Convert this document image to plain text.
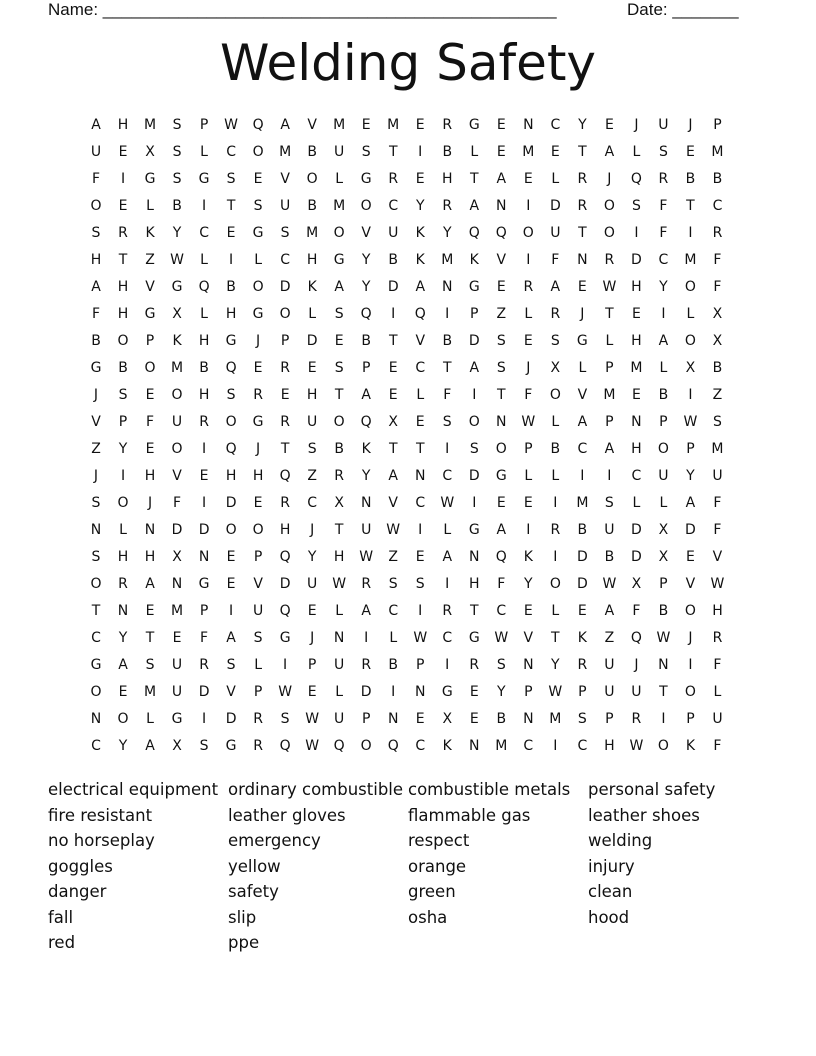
Name: ________________________________________________

	Date: _______

Welding Safety
A	H	M	S	P	W	Q	A	V	M	E	M	E	R	G	E	N	C	Y	E	J	U	J	P
U	E	X	S	L	C	O	M	B	U	S	T	I	B	L	E	M	E	T	A	L	S	E	M
F	I	G	S	G	S	E	V	O	L	G	R	E	H	T	A	E	L	R	J	Q	R	B	B
O	E	L	B	I	T	S	U	B	M	O	C	Y	R	A	N	I	D	R	O	S	F	T	C
S	R	K	Y	C	E	G	S	M	O	V	U	K	Y	Q	Q	O	U	T	O	I	F	I	R
H	T	Z	W	L	I	L	C	H	G	Y	B	K	M	K	V	I	F	N	R	D	C	M	F
A	H	V	G	Q	B	O	D	K	A	Y	D	A	N	G	E	R	A	E	W	H	Y	O	F
F	H	G	X	L	H	G	O	L	S	Q	I	Q	I	P	Z	L	R	J	T	E	I	L	X
B	O	P	K	H	G	J	P	D	E	B	T	V	B	D	S	E	S	G	L	H	A	O	X
G	B	O	M	B	Q	E	R	E	S	P	E	C	T	A	S	J	X	L	P	M	L	X	B
J	S	E	O	H	S	R	E	H	T	A	E	L	F	I	T	F	O	V	M	E	B	I	Z
V	P	F	U	R	O	G	R	U	O	Q	X	E	S	O	N	W	L	A	P	N	P	W	S
Z	Y	E	O	I	Q	J	T	S	B	K	T	T	I	S	O	P	B	C	A	H	O	P	M
J	I	H	V	E	H	H	Q	Z	R	Y	A	N	C	D	G	L	L	I	I	C	U	Y	U
S	O	J	F	I	D	E	R	C	X	N	V	C	W	I	E	E	I	M	S	L	L	A	F
N	L	N	D	D	O	O	H	J	T	U	W	I	L	G	A	I	R	B	U	D	X	D	F
S	H	H	X	N	E	P	Q	Y	H	W	Z	E	A	N	Q	K	I	D	B	D	X	E	V
O	R	A	N	G	E	V	D	U	W	R	S	S	I	H	F	Y	O	D	W	X	P	V	W
T	N	E	M	P	I	U	Q	E	L	A	C	I	R	T	C	E	L	E	A	F	B	O	H
C	Y	T	E	F	A	S	G	J	N	I	L	W	C	G	W	V	T	K	Z	Q	W	J	R
G	A	S	U	R	S	L	I	P	U	R	B	P	I	R	S	N	Y	R	U	J	N	I	F
O	E	M	U	D	V	P	W	E	L	D	I	N	G	E	Y	P	W	P	U	U	T	O	L
N	O	L	G	I	D	R	S	W	U	P	N	E	X	E	B	N	M	S	P	R	I	P	U
C	Y	A	X	S	G	R	Q	W	Q	O	Q	C	K	N	M	C	I	C	H	W	O	K	F
electrical equipment
fire resistant
no horseplay
goggles
danger
fall
red
ordinary combustible
leather gloves
emergency
yellow
safety
slip
ppe
combustible metals
flammable gas
respect
orange
green
osha
personal safety
leather shoes
welding
injury
clean
hood
